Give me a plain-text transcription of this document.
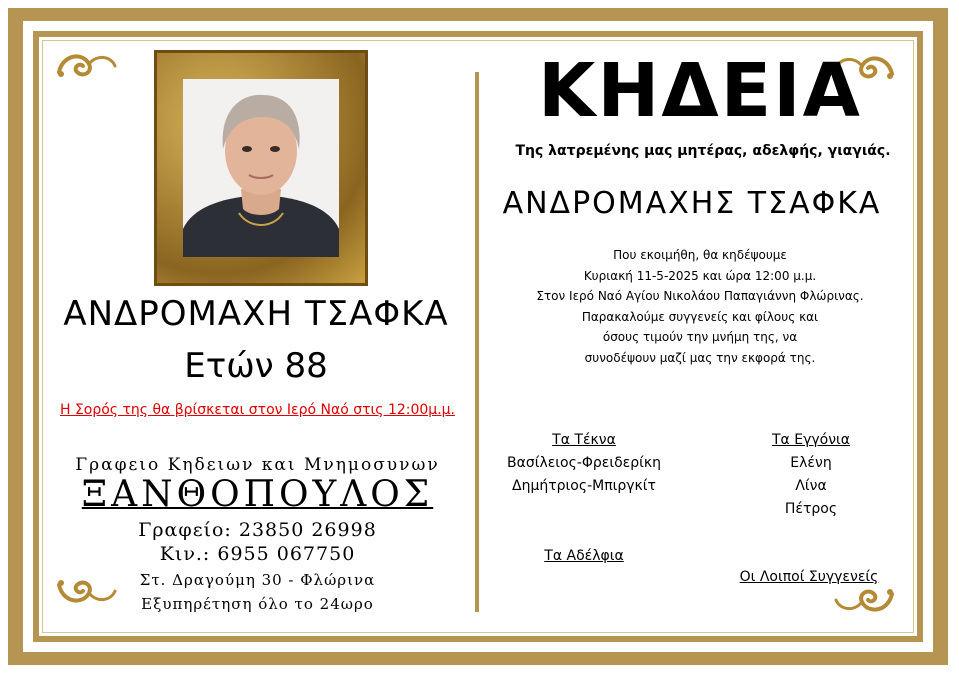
ΑΝΔΡΟΜΑΧΗ ΤΣΑΦΚΑ
Ετών 88
Η Σορός της θα βρίσκεται στον Ιερό Ναό στις 12:00μ.μ.
Γραφειο Κηδειων και Μνημοσυνων
ΞΑΝΘΟΠΟΥΛΟΣ
Γραφείο: 23850 26998
Κιν.: 6955 067750
Στ. Δραγούμη 30 - Φλώρινα
Εξυπηρέτηση όλο το 24ωρο
ΚΗΔΕΙΑ
Της λατρεμένης μας μητέρας, αδελφής, γιαγιάς.
ΑΝΔΡΟΜΑΧΗΣ ΤΣΑΦΚΑ
Που εκοιμήθη, θα κηδέψουμε
Κυριακή 11-5-2025 και ώρα 12:00 μ.μ.
Στον Ιερό Ναό Αγίου Νικολάου Παπαγιάννη Φλώρινας.
Παρακαλούμε συγγενείς και φίλους και
όσους τιμούν την μνήμη της, να
συνοδέψουν μαζί μας την εκφορά της.
Τα Τέκνα
Βασίλειος-Φρειδερίκη
Δημήτριος-Μπιργκίτ
Τα Εγγόνια
Ελένη
Λίνα
Πέτρος
Τα Αδέλφια
Οι Λοιποί Συγγενείς
